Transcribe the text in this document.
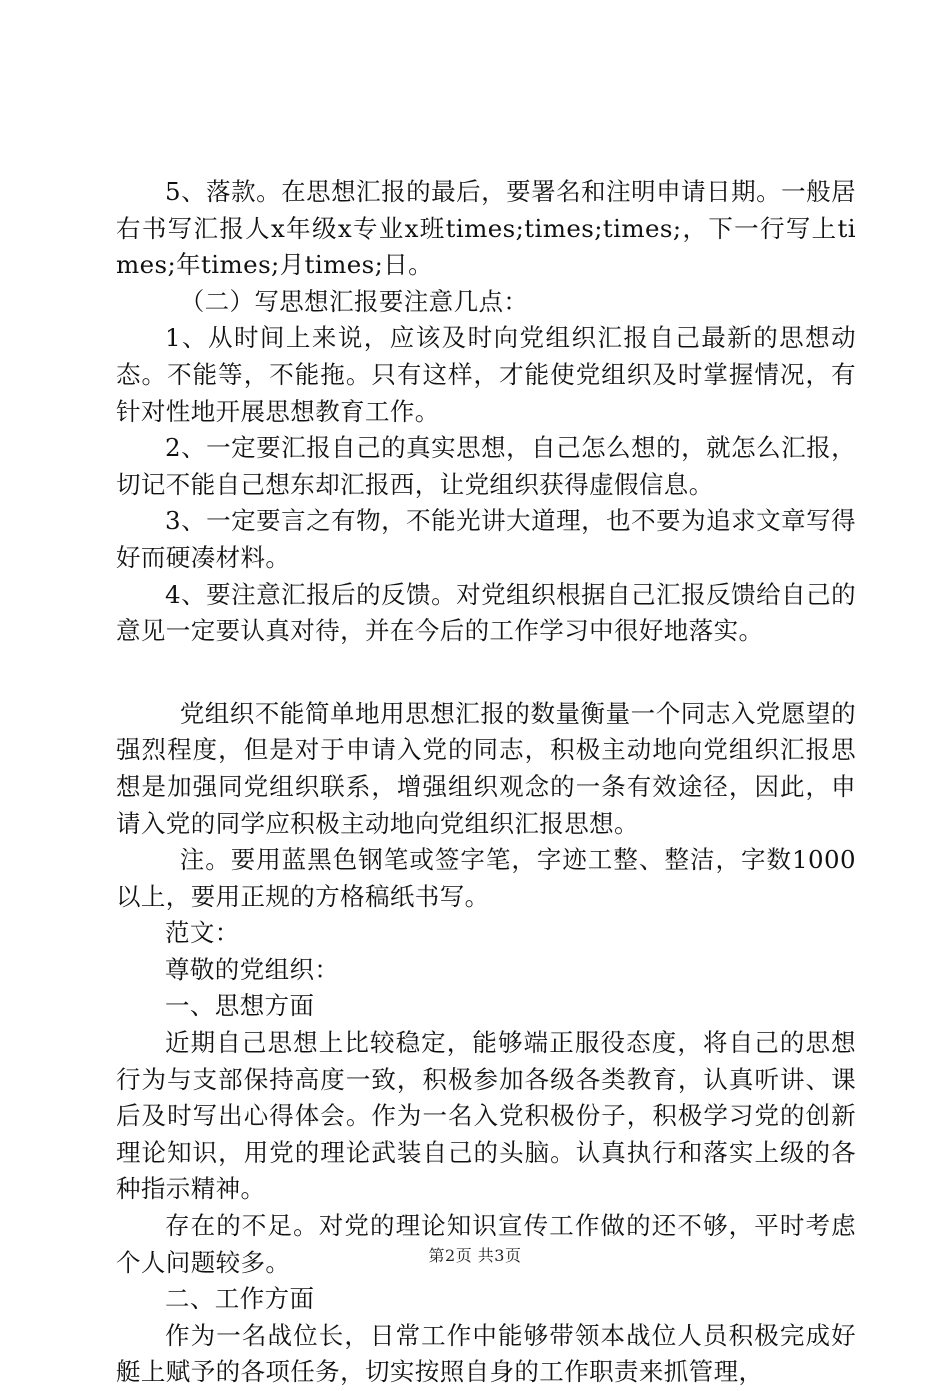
5、落款。在思想汇报的最后，要署名和注明申请日期。一般居右书写汇报人x年级x专业x班times;times;times;，下一行写上times;年times;月times;日。

（二）写思想汇报要注意几点：

1、从时间上来说，应该及时向党组织汇报自己最新的思想动态。不能等，不能拖。只有这样，才能使党组织及时掌握情况，有针对性地开展思想教育工作。

2、一定要汇报自己的真实思想，自己怎么想的，就怎么汇报，切记不能自己想东却汇报西，让党组织获得虚假信息。

3、一定要言之有物，不能光讲大道理，也不要为追求文章写得好而硬凑材料。

4、要注意汇报后的反馈。对党组织根据自己汇报反馈给自己的意见一定要认真对待，并在今后的工作学习中很好地落实。

党组织不能简单地用思想汇报的数量衡量一个同志入党愿望的强烈程度，但是对于申请入党的同志，积极主动地向党组织汇报思想是加强同党组织联系，增强组织观念的一条有效途径，因此，申请入党的同学应积极主动地向党组织汇报思想。

注。要用蓝黑色钢笔或签字笔，字迹工整、整洁，字数1000以上，要用正规的方格稿纸书写。

范文：

尊敬的党组织：

一、思想方面

近期自己思想上比较稳定，能够端正服役态度，将自己的思想行为与支部保持高度一致，积极参加各级各类教育，认真听讲、课后及时写出心得体会。作为一名入党积极份子，积极学习党的创新理论知识，用党的理论武装自己的头脑。认真执行和落实上级的各种指示精神。

存在的不足。对党的理论知识宣传工作做的还不够，平时考虑个人问题较多。

二、工作方面

作为一名战位长，日常工作中能够带领本战位人员积极完成好艇上赋予的各项任务，切实按照自身的工作职责来抓管理，

第2页 共3页
